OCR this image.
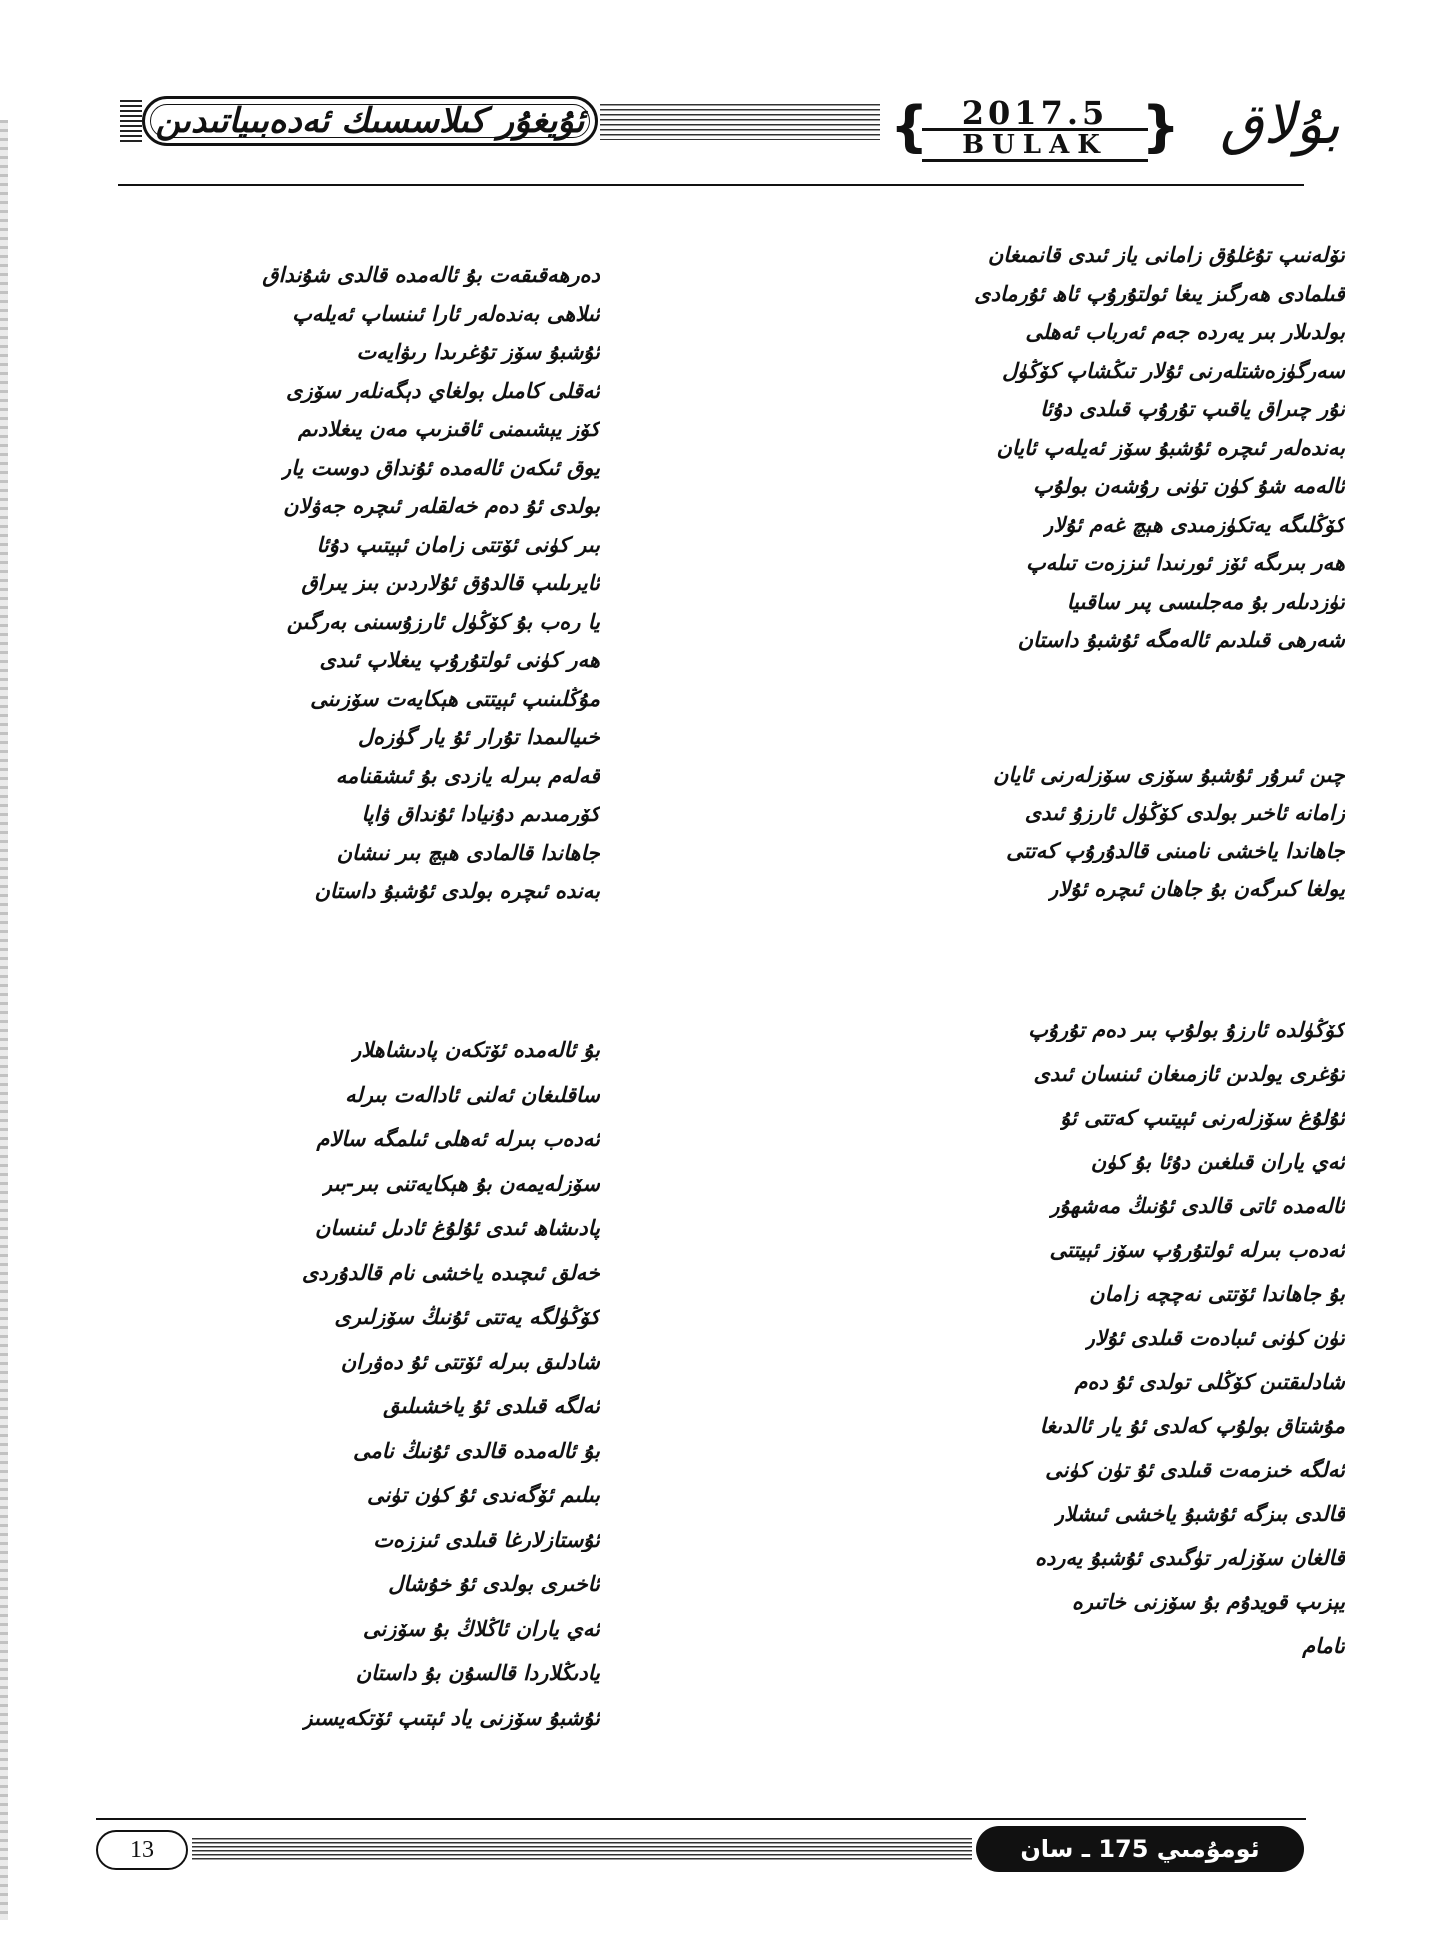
ئۇيغۇر كىلاسسىك ئەدەبىياتىدىن	{	2017.5
BULAK } بۇلاق
تۆلەنىپ تۇغلۇق زامانى ياز ئىدى قانمىغان
قىلمادى ھەرگىز يىغا ئولتۇرۇپ ئاھ ئۇرمادى
بولدىلار بىر يەردە جەم ئەرباب ئەھلى
سەرگۈزەشتلەرنى ئۇلار تىڭشاپ كۆڭۈل
نۇر چىراق ياقىپ تۇرۇپ قىلدى دۇئا
بەندەلەر ئىچرە ئۇشبۇ سۆز ئەيلەپ ئايان
ئالەمە شۇ كۈن تۈنى رۇشەن بولۇپ
كۆڭلىگە يەتكۈزمىدى ھېچ غەم ئۇلار
ھەر بىرىگە ئۆز ئورنىدا ئىززەت تىلەپ
تۈزدىلەر بۇ مەجلىسى پىر ساقىيا
شەرھى قىلدىم ئالەمگە ئۇشبۇ داستان
چىن ئىرۇر ئۇشبۇ سۆزى سۆزلەرنى ئايان
زامانە ئاخىر بولدى كۆڭۈل ئارزۇ ئىدى
جاھاندا ياخشى نامىنى قالدۇرۇپ كەتتى
يولغا كىرگەن بۇ جاھان ئىچرە ئۇلار
دەرھەقىقەت بۇ ئالەمدە قالدى شۇنداق
ئىلاھى بەندەلەر ئارا ئىنساپ ئەيلەپ
ئۇشبۇ سۆز تۇغرىدا رىۋايەت
ئەقلى كامىل بولغاي دېگەنلەر سۆزى
كۆز يېشىمنى ئاقىزىپ مەن يىغلادىم
يوق ئىكەن ئالەمدە ئۇنداق دوست يار
بولدى ئۇ دەم خەلقلەر ئىچرە جەۋلان
بىر كۈنى ئۆتتى زامان ئېيتىپ دۇئا
ئايرىلىپ قالدۇق ئۇلاردىن بىز يىراق
يا رەب بۇ كۆڭۈل ئارزۇسىنى بەرگىن
ھەر كۈنى ئولتۇرۇپ يىغلاپ ئىدى
مۇڭلىنىپ ئېيتتى ھېكايەت سۆزىنى
خىيالىمدا تۇرار ئۇ يار گۈزەل
قەلەم بىرلە يازدى بۇ ئىشقنامە
كۆرمىدىم دۇنيادا ئۇنداق ۋاپا
جاھاندا قالمادى ھېچ بىر نىشان
بەندە ئىچرە بولدى ئۇشبۇ داستان
كۆڭۈلدە ئارزۇ بولۇپ بىر دەم تۇرۇپ
تۇغرى يولدىن ئازمىغان ئىنسان ئىدى
ئۇلۇغ سۆزلەرنى ئېيتىپ كەتتى ئۇ
ئەي ياران قىلغىن دۇئا بۇ كۈن
ئالەمدە ئاتى قالدى ئۇنىڭ مەشھۇر
ئەدەب بىرلە ئولتۇرۇپ سۆز ئېيتتى
بۇ جاھاندا ئۆتتى نەچچە زامان
تۈن كۈنى ئىبادەت قىلدى ئۇلار
شادلىقتىن كۆڭلى تولدى ئۇ دەم
مۇشتاق بولۇپ كەلدى ئۇ يار ئالدىغا
ئەلگە خىزمەت قىلدى ئۇ تۈن كۈنى
قالدى بىزگە ئۇشبۇ ياخشى ئىشلار
قالغان سۆزلەر تۈگىدى ئۇشبۇ يەردە
يېزىپ قويدۇم بۇ سۆزنى خاتىرە
تامام
بۇ ئالەمدە ئۆتكەن پادىشاھلار
ساقلىغان ئەلنى ئادالەت بىرلە
ئەدەب بىرلە ئەھلى ئىلمگە سالام
سۆزلەيمەن بۇ ھېكايەتنى بىر-بىر
پادىشاھ ئىدى ئۇلۇغ ئادىل ئىنسان
خەلق ئىچىدە ياخشى نام قالدۇردى
كۆڭۈلگە يەتتى ئۇنىڭ سۆزلىرى
شادلىق بىرلە ئۆتتى ئۇ دەۋران
ئەلگە قىلدى ئۇ ياخشىلىق
بۇ ئالەمدە قالدى ئۇنىڭ نامى
بىلىم ئۆگەندى ئۇ كۈن تۈنى
ئۇستازلارغا قىلدى ئىززەت
ئاخىرى بولدى ئۇ خۇشال
ئەي ياران ئاڭلاڭ بۇ سۆزنى
يادىڭلاردا قالسۇن بۇ داستان
ئۇشبۇ سۆزنى ياد ئېتىپ ئۆتكەيسىز
13	ئومۇمىي 175 ـ سان
